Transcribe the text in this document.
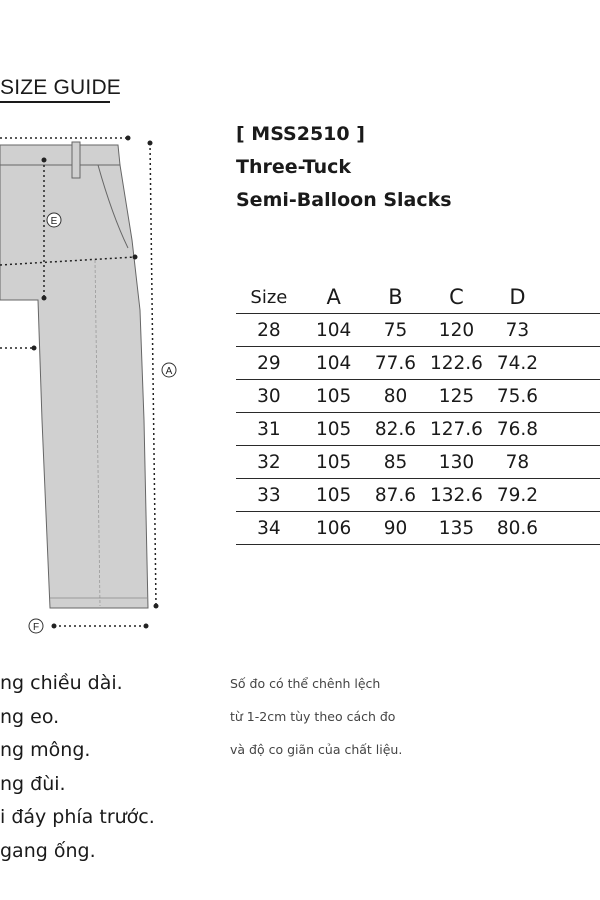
SIZE GUIDE
E
A
F
[ MSS2510 ]
Three-Tuck
Semi-Balloon Slacks
Size	A	B	C	D	
28	104	75	120	73	
29	104	77.6	122.6	74.2	
30	105	80	125	75.6	
31	105	82.6	127.6	76.8	
32	105	85	130	78	
33	105	87.6	132.6	79.2	
34	106	90	135	80.6	
ng chiều dài.
ng eo.
ng mông.
ng đùi.
i đáy phía trước.
gang ống.
Số đo có thể chênh lệch
từ 1-2cm tùy theo cách đo
và độ co giãn của chất liệu.
